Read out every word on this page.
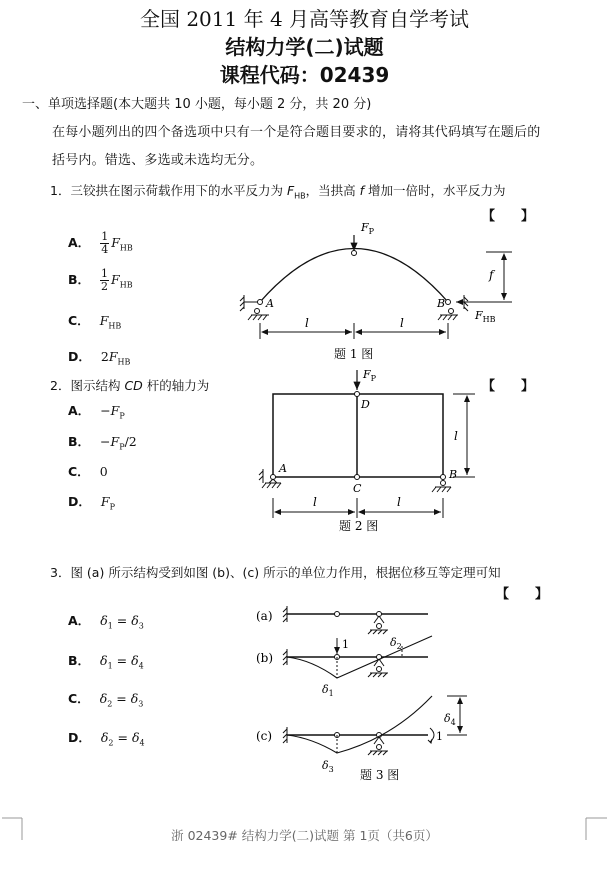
全国 2011 年 4 月高等教育自学考试
结构力学(二)试题
课程代码：02439
一、单项选择题(本大题共 10 小题，每小题 2 分，共 20 分)
在每小题列出的四个备选项中只有一个是符合题目要求的，请将其代码填写在题后的
括号内。错选、多选或未选均无分。
1．三铰拱在图示荷载作用下的水平反力为 $F_{HB}$，当拱高 f 增加一倍时，水平反力为
【　　】
A． $\frac{1}{4} F_{HB}$
B． $\frac{1}{2} F_{HB}$
C． $F_{HB}$
D． $2F_{HB}$
$F_P$
A	B
$F_{HB}$
f
l	l
题 1 图
2．图示结构 CD 杆的轴力为	【　　】
A． $-F_P$
B． $-F_P/2$
C． 0
D． $F_P$
$F_P$
D
C
A	B
l
l	l
题 2 图
3．图 (a) 所示结构受到如图 (b)、(c) 所示的单位力作用，根据位移互等定理可知
【　　】
A． $\delta_1 = \delta_3$
B． $\delta_1 = \delta_4$
C． $\delta_2 = \delta_3$
D． $\delta_2 = \delta_4$
(a)
(b)
1	$\delta_2$
$\delta_1$
(c)
$\delta_3$
1
$\delta_4$
题 3 图
浙 02439# 结构力学(二)试题 第 1页（共6页）
